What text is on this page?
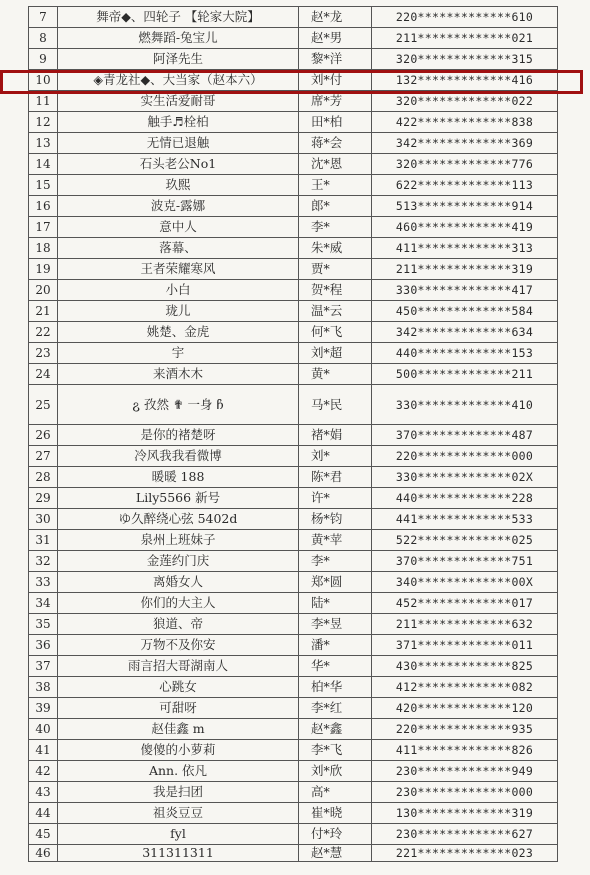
7	舞帝◆、四轮子 【轮家大院】	赵*龙	220*************610
8	燃舞蹈-兔宝儿	赵*男	211*************021
9	阿泽先生	黎*洋	320*************315
10	◈青龙社◆、大当家（赵本六）	刘*付	132*************416
11	实生活爱耐哥	席*芳	320*************022
12	触手♬栓柏	田*柏	422*************838
13	无情已退触	蒋*会	342*************369
14	石头老公No1	沈*恩	320*************776
15	玖熙	王*	622*************113
16	波克-露娜	郎*	513*************914
17	意中人	李*	460*************419
18	落幕、	朱*威	411*************313
19	王者荣耀寒风	贾*	211*************319
20	小白	贺*程	330*************417
21	珑儿	温*云	450*************584
22	姚楚、金虎	何*飞	342*************634
23	宇	刘*超	440*************153
24	来酒木木	黄*	500*************211
25	ჷ 孜然 ✟ 一身 ჩ	马*民	330*************410
26	是你的褚楚呀	褚*娟	370*************487
27	冷风我我看微博	刘*	220*************000
28	暖暖 188	陈*君	330*************02X
29	Lily5566 新号	许*	440*************228
30	ゆ久醉绕心弦 5402d	杨*钧	441*************533
31	泉州上班妹子	黄*苹	522*************025
32	金莲约门庆	李*	370*************751
33	离婚女人	郑*圆	340*************00X
34	你们的大主人	陆*	452*************017
35	狼道、帝	李*昱	211*************632
36	万物不及你安	潘*	371*************011
37	雨言招大哥湖南人	华*	430*************825
38	心跳女	柏*华	412*************082
39	可甜呀	李*红	420*************120
40	赵佳鑫 m	赵*鑫	220*************935
41	傻傻的小萝莉	李*飞	411*************826
42	Ann. 依凡	刘*欣	230*************949
43	我是扫团	高*	230*************000
44	祖炎豆豆	崔*晓	130*************319
45	fyl	付*玲	230*************627
46	311311311	赵*慧	221*************023
